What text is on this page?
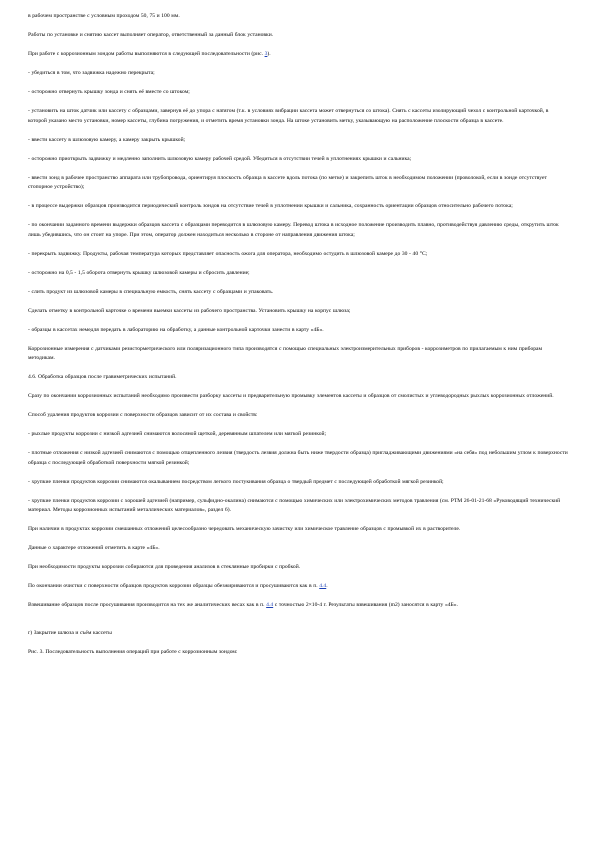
в рабочем пространстве с условным проходом 50, 75 и 100 мм.

Работы по установке и снятию кассет выполняет оператор, ответственный за данный блок установки.

При работе с коррозионным зондом работы выполняются в следующей последовательности (рис. 3).

- убедиться в том, что задвижка надежно перекрыта;

- осторожно отвернуть крышку зонда и снять её вместе со штоком;

- установить на шток датчик или кассету с образцами, завернув её до упора с натягом (т.к. в условиях вибрации кассета может отвернуться со штока). Снять с кассеты изолирующий чехол с контрольной карточкой, в которой указано место установки, номер кассеты, глубина погружения, и отметить время установки зонда. На штоке установить метку, указывающую на расположение плоскости образца в кассете.

- ввести кассету в шлюзовую камеру, а камеру закрыть крышкой;

- осторожно приоткрыть задвижку и медленно заполнить шлюзовую камеру рабочей средой. Убедиться в отсутствии течей в уплотнениях крышки и сальника;

- ввести зонд в рабочее пространство аппарата или трубопровода, ориентируя плоскость образца в кассете вдоль потока (по метке) и закрепить шток в необходимом положении (проволокой, если в зонде отсутствует стопорное устройство);

- в процессе выдержки образцов производится периодический контроль зондов на отсутствие течей в уплотнении крышки и сальника, сохранность ориентации образцов относительно рабочего потока;

- по окончании заданного времени выдержки образцов кассета с образцами переводится в шлюзовую камеру. Перевод штока в исходное положение производить плавно, противодействуя давлению среды, открутить шток лишь убедившись, что он стоит на упоре. При этом, оператор должен находиться несколько в стороне от направления движения штока;

- перекрыть задвижку. Продукты, рабочая температура которых представляет опасность ожога для оператора, необходимо остудить в шлюзовой камере до 30 - 40 °С;

- осторожно на 0,5 - 1,5 оборота отвернуть крышку шлюзовой камеры и сбросить давление;

- слить продукт из шлюзовой камеры в специальную емкость, снять кассету с образцами и упаковать.

Сделать отметку в контрольной карточке о времени выемки кассеты из рабочего пространства. Установить крышку на корпус шлюза;

- образцы в кассетах немедля передать в лабораторию на обработку, а данные контрольной карточки занести в карту «4Б».

Коррозионные измерения с датчиками резисторметрического или поляризационного типа производятся с помощью специальных электроизмерительных приборов - коррозиметров по прилагаемым к ним приборам методикам.

4.6. Обработка образцов после гравиметрических испытаний.

Сразу по окончании коррозионных испытаний необходимо произвести разборку кассеты и предварительную промывку элементов кассеты и образцов от смолистых и углеводородных рыхлых коррозионных отложений.

Способ удаления продуктов коррозии с поверхности образцов зависит от их состава и свойств:

- рыхлые продукты коррозии с низкой адгезией снимаются волосяной щеткой, деревянным шпателем или мягкой резинкой;

- плотные отложения с низкой адгезией снимаются с помощью отщепленного лезвия (твердость лезвия должна быть ниже твердости образца) пригладживающими движениями «на себя» под небольшим углом к поверхности образца с последующей обработкой поверхности мягкой резинкой;

- хрупкие пленки продуктов коррозии снимаются окалыванием посредством легкого постукивания образца о твердый предмет с последующей обработкой мягкой резинкой;

- хрупкие пленки продуктов коррозии с хорошей адгезией (например, сульфидно-окалина) снимаются с помощью химических или электрохимических методов травления (см. РТМ 26-01-21-68 «Руководящий технический материал. Методы коррозионных испытаний металлических материалов», раздел 6).

При наличии в продуктах коррозии смешанных отложений целесообразно чередовать механическую зачистку или химическое травление образцов с промывкой их в растворителе.

Данные о характере отложений отметить в карте «4Б».

При необходимости продукты коррозии собираются для проведения анализов в стеклянные пробирки с пробкой.

По окончании очистки с поверхности образцов продуктов коррозии образцы обезжириваются и просушиваются как в п. 4.4.

Взвешивание образцов после просушивания производится на тех же аналитических весах как в п. 4.4 с точностью 2×10-4 г. Результаты взвешивания (m2) заносятся в карту «4Б».

г) Закрытие шлюза и съём кассеты

Рис. 3. Последовательность выполнения операций при работе с коррозионным зондом:
